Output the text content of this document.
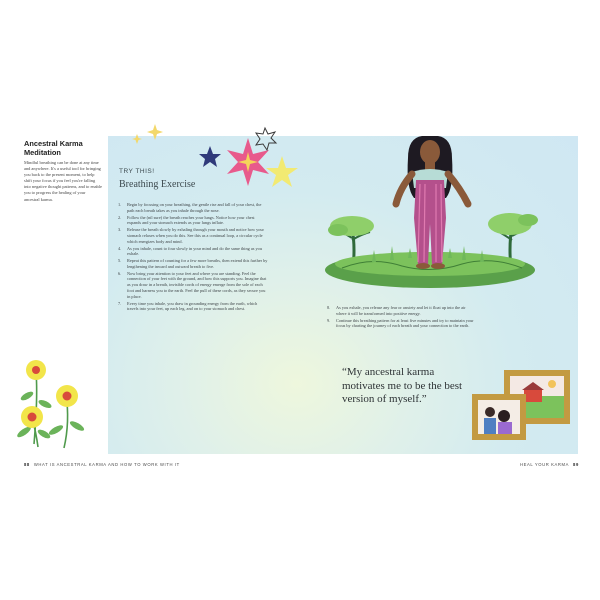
Ancestral Karma Meditation
Mindful breathing can be done at any time and anywhere. It's a useful tool for bringing you back to the present moment, to help shift your focus if you feel you're falling into negative thought patterns, and to enable you to progress the healing of your ancestral karma.
TRY THIS!
Breathing Exercise
1. Begin by focusing on your breathing, the gentle rise and fall of your chest, the path each breath takes as you inhale through the nose.
2. Follow the (nil sure) the breath reaches your lungs. Notice how your chest expands and your stomach extends as your lungs inflate.
3. Release the breath slowly by exhaling through your mouth and notice how your stomach relaxes when you do this. See this as a continual loop, a circular cycle which energizes body and mind.
4. As you inhale, count to four slowly in your mind and do the same thing as you exhale.
5. Repeat this pattern of counting for a few more breaths, then extend this further by lengthening the inward and outward breath to five.
6. Now bring your attention to your feet and where you are standing. Feel the connection of your feet with the ground, and how this supports you. Imagine that as you draw in a breath, invisible cords of energy emerge from the sole of each foot and harness you to the earth. Feel the pull of these cords, as they secure you in place.
7. Every time you inhale, you draw in grounding energy from the earth, which travels into your feet, up each leg, and on to your stomach and chest.	8. As you exhale, you release any fear or anxiety and let it float up into the air where it will be transformed into positive energy.
9. Continue this breathing pattern for at least five minutes and try to maintain your focus by charting the journey of each breath and your connection to the earth.
“My ancestral karma motivates me to be the best version of myself.”
88 WHAT IS ANCESTRAL KARMA AND HOW TO WORK WITH IT	HEAL YOUR KARMA 89
